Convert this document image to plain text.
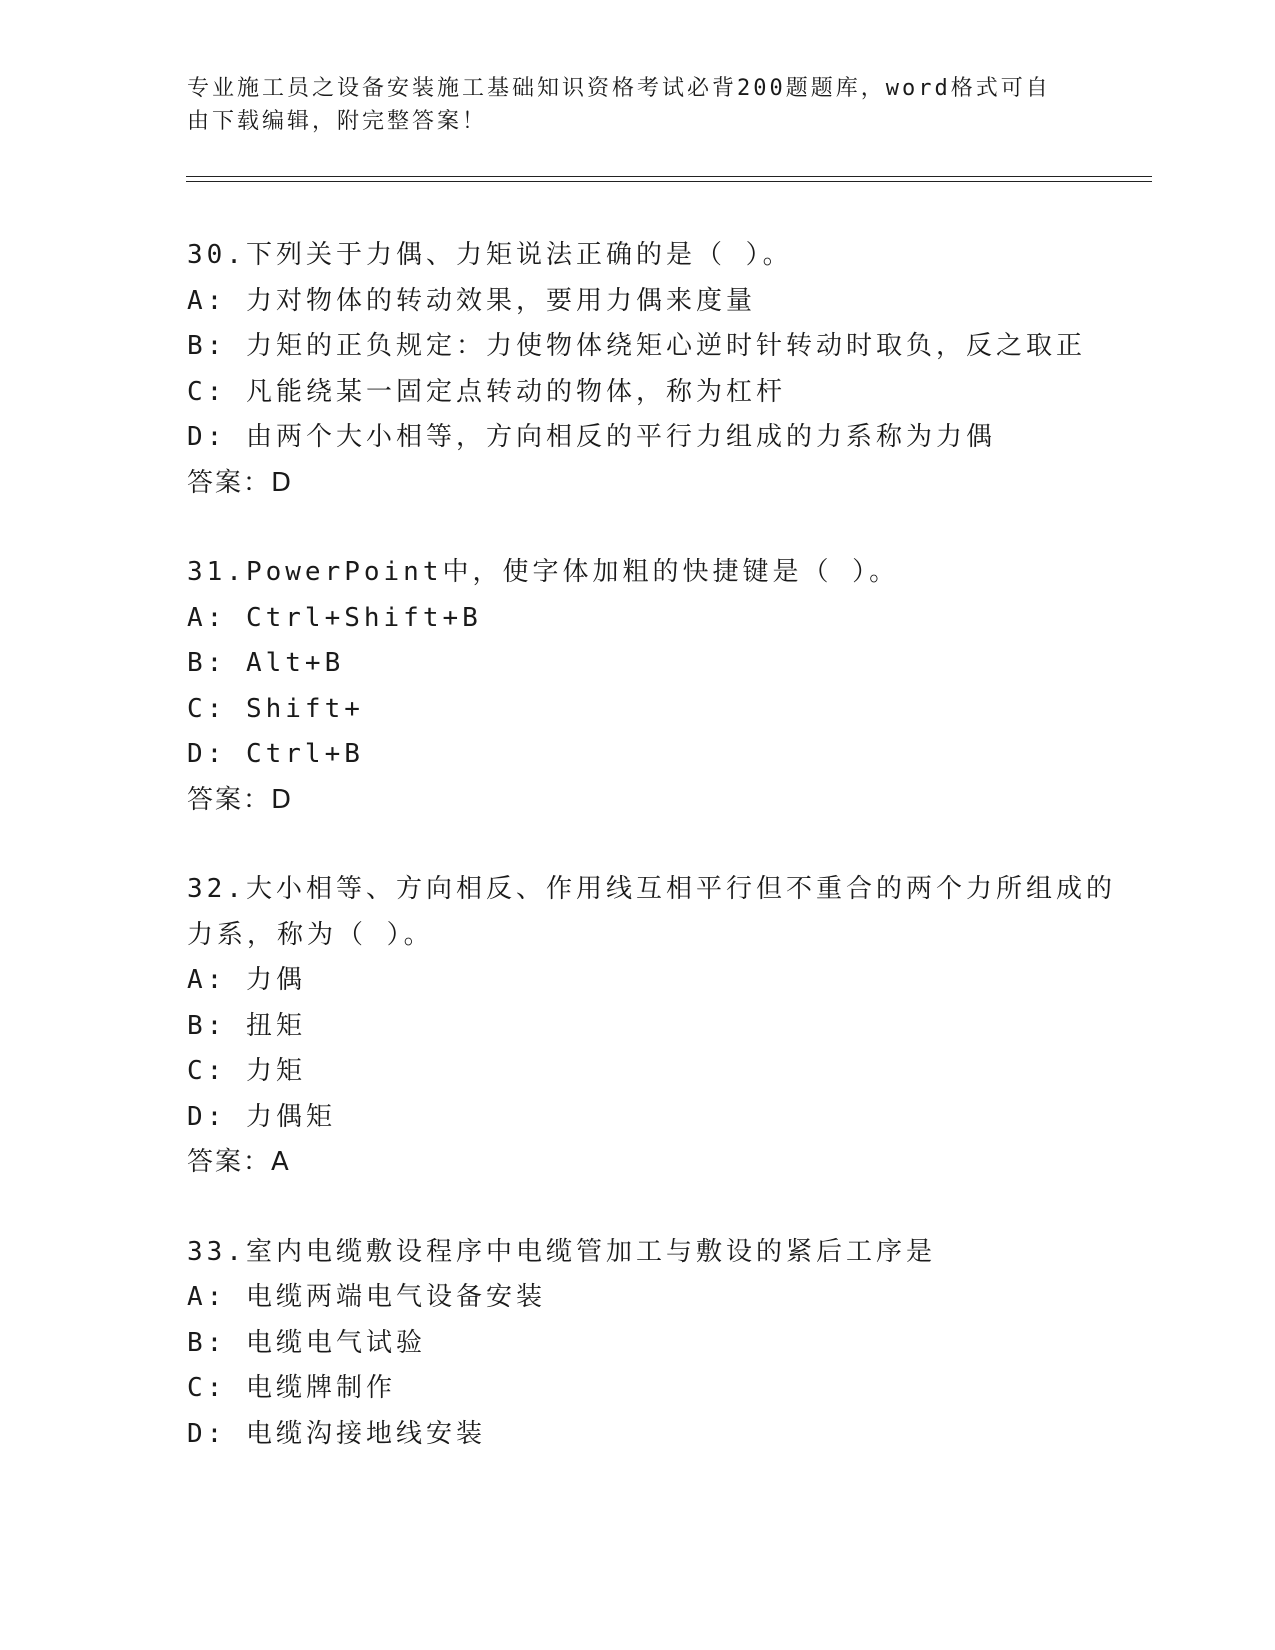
专业施工员之设备安装施工基础知识资格考试必背200题题库，word格式可自由下载编辑，附完整答案！
30.下列关于力偶、力矩说法正确的是（ ）。
A: 力对物体的转动效果，要用力偶来度量
B: 力矩的正负规定：力使物体绕矩心逆时针转动时取负，反之取正
C: 凡能绕某一固定点转动的物体，称为杠杆
D: 由两个大小相等，方向相反的平行力组成的力系称为力偶
答案：D
31.PowerPoint中，使字体加粗的快捷键是（ ）。
A: Ctrl+Shift+B
B: Alt+B
C: Shift+
D: Ctrl+B
答案：D
32.大小相等、方向相反、作用线互相平行但不重合的两个力所组成的力系，称为（ ）。
A: 力偶
B: 扭矩
C: 力矩
D: 力偶矩
答案：A
33.室内电缆敷设程序中电缆管加工与敷设的紧后工序是
A: 电缆两端电气设备安装
B: 电缆电气试验
C: 电缆牌制作
D: 电缆沟接地线安装
